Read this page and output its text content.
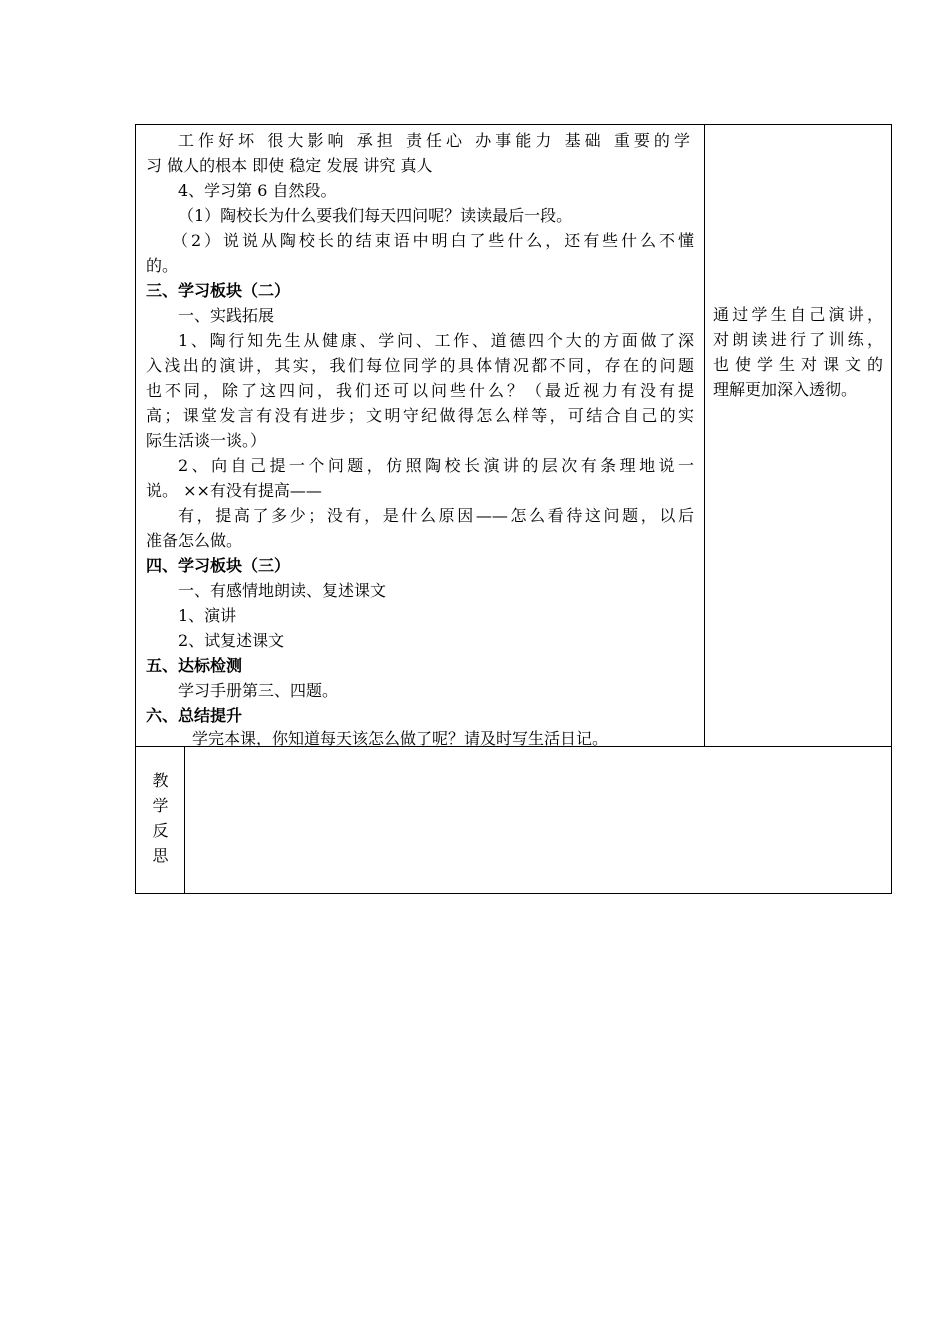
工作好坏 很大影响 承担 责任心 办事能力 基础 重要的学
习 做人的根本 即使 稳定 发展 讲究 真人
4、学习第 6 自然段。
（1）陶校长为什么要我们每天四问呢？读读最后一段。
（2）说说从陶校长的结束语中明白了些什么，还有些什么不懂
的。
三、学习板块（二）
一、实践拓展
1、陶行知先生从健康、学问、工作、道德四个大的方面做了深
入浅出的演讲，其实，我们每位同学的具体情况都不同，存在的问题
也不同，除了这四问，我们还可以问些什么？（最近视力有没有提
高；课堂发言有没有进步；文明守纪做得怎么样等，可结合自己的实
际生活谈一谈。）
2、向自己提一个问题，仿照陶校长演讲的层次有条理地说一
说。 ××有没有提高——
有，提高了多少；没有，是什么原因——怎么看待这问题，以后
准备怎么做。
四、学习板块（三）
一、有感情地朗读、复述课文
1、演讲
2、试复述课文
五、达标检测
学习手册第三、四题。
六、总结提升
学完本课，你知道每天该怎么做了呢？请及时写生活日记。
通过学生自己演讲，
对朗读进行了训练，
也使学生对课文的
理解更加深入透彻。
教
学
反
思
